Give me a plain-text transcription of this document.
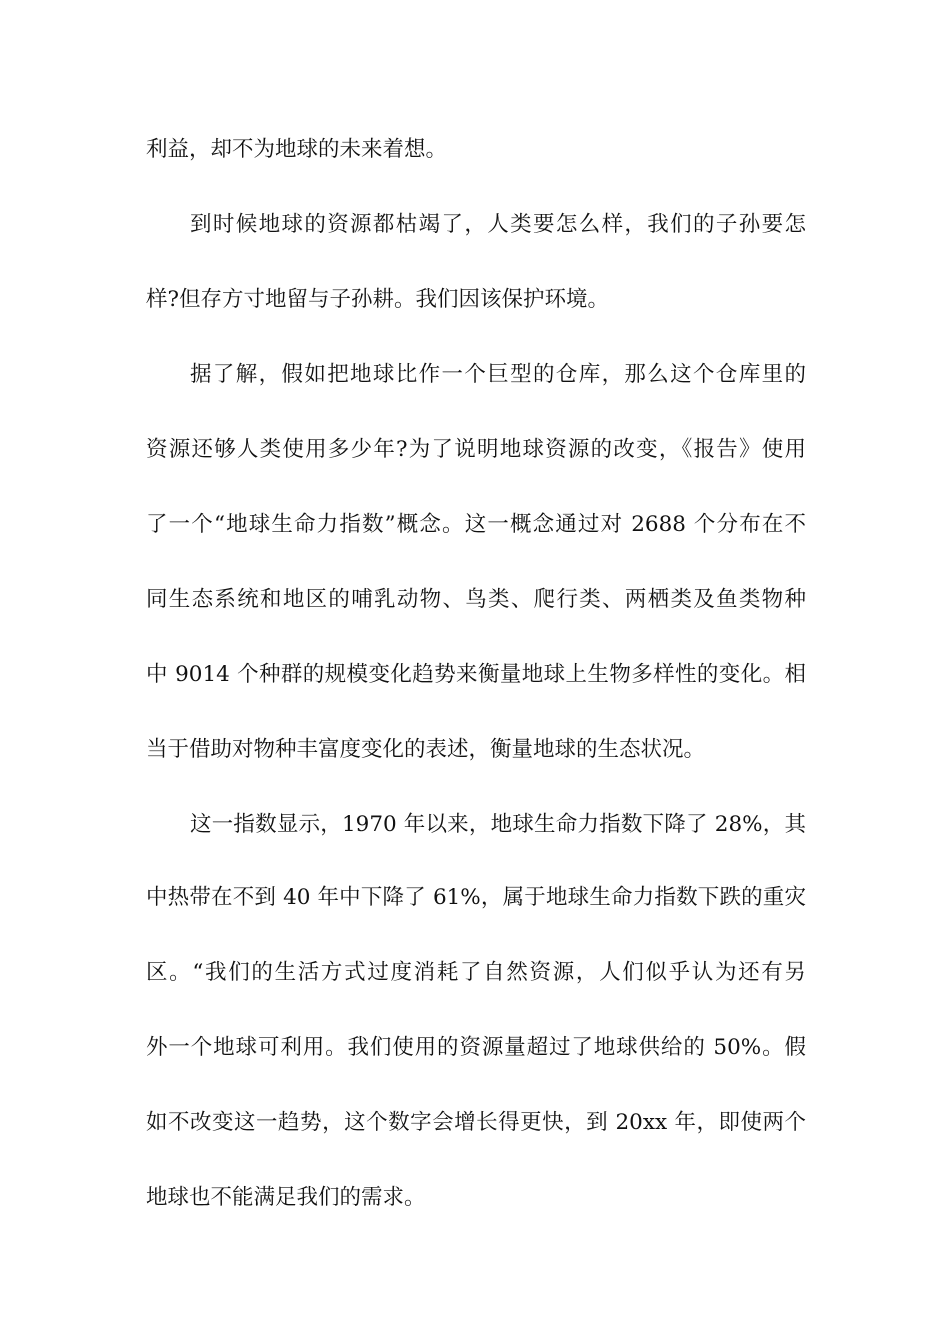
利益，却不为地球的未来着想。
到时候地球的资源都枯竭了，人类要怎么样，我们的子孙要怎
样?但存方寸地留与子孙耕。我们因该保护环境。
据了解，假如把地球比作一个巨型的仓库，那么这个仓库里的
资源还够人类使用多少年?为了说明地球资源的改变，《报告》使用
了一个“地球生命力指数”概念。这一概念通过对 2688 个分布在不
同生态系统和地区的哺乳动物、鸟类、爬行类、两栖类及鱼类物种
中 9014 个种群的规模变化趋势来衡量地球上生物多样性的变化。相
当于借助对物种丰富度变化的表述，衡量地球的生态状况。
这一指数显示，1970 年以来，地球生命力指数下降了 28%，其
中热带在不到 40 年中下降了 61%，属于地球生命力指数下跌的重灾
区。“我们的生活方式过度消耗了自然资源，人们似乎认为还有另
外一个地球可利用。我们使用的资源量超过了地球供给的 50%。假
如不改变这一趋势，这个数字会增长得更快，到 20xx 年，即使两个
地球也不能满足我们的需求。
